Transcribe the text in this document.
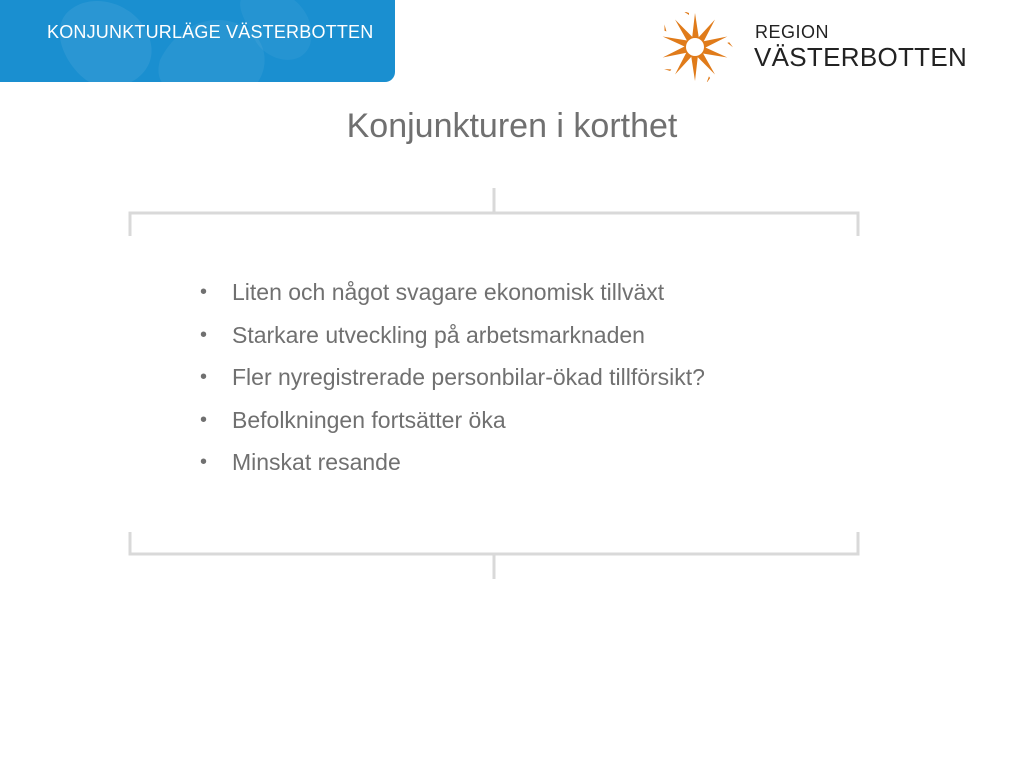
KONJUNKTURLÄGE VÄSTERBOTTEN	REGION
VÄSTERBOTTEN
Konjunkturen i korthet
• Liten och något svagare ekonomisk tillväxt
• Starkare utveckling på arbetsmarknaden
• Fler nyregistrerade personbilar-ökad tillförsikt?
• Befolkningen fortsätter öka
• Minskat resande
